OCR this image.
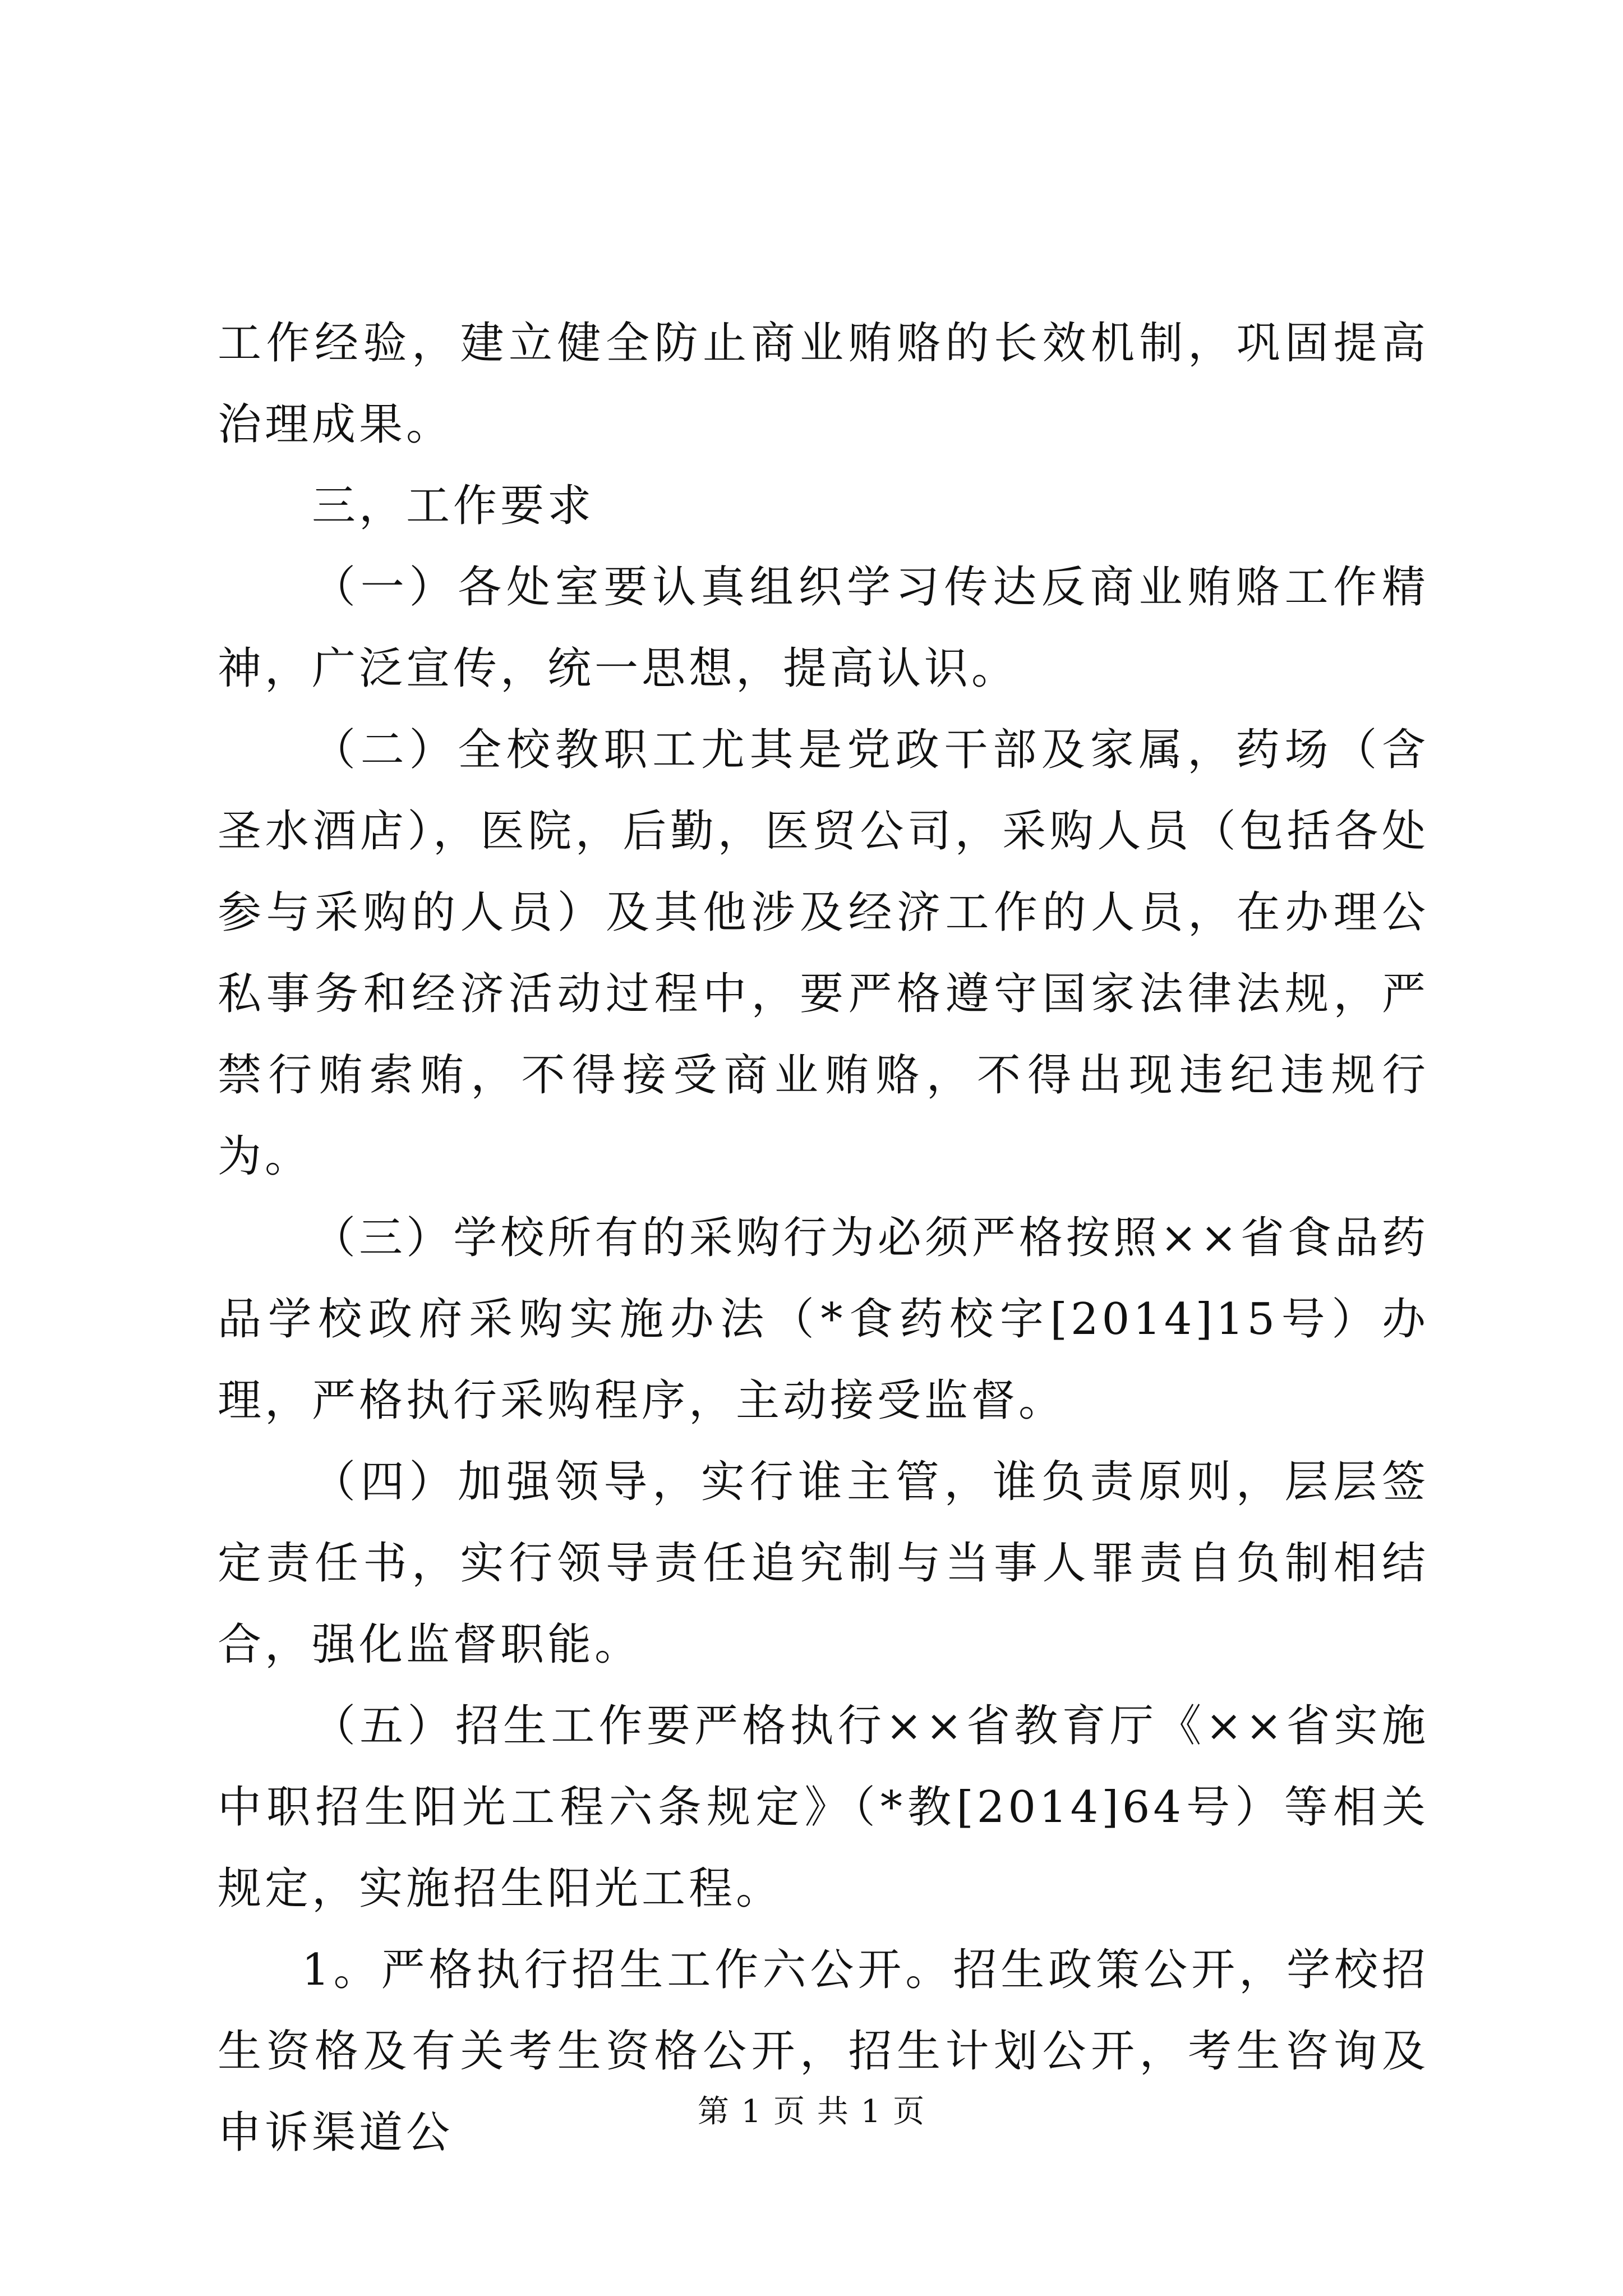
工作经验，建立健全防止商业贿赂的长效机制，巩固提高治理成果。

三，工作要求

（一）各处室要认真组织学习传达反商业贿赂工作精神，广泛宣传，统一思想，提高认识。

（二）全校教职工尤其是党政干部及家属，药场（含圣水酒店），医院，后勤，医贸公司，采购人员（包括各处参与采购的人员）及其他涉及经济工作的人员，在办理公私事务和经济活动过程中，要严格遵守国家法律法规，严禁行贿索贿，不得接受商业贿赂，不得出现违纪违规行为。

（三）学校所有的采购行为必须严格按照××省食品药品学校政府采购实施办法（*食药校字[2014]15号）办理，严格执行采购程序，主动接受监督。

（四）加强领导，实行谁主管，谁负责原则，层层签定责任书，实行领导责任追究制与当事人罪责自负制相结合，强化监督职能。

（五）招生工作要严格执行××省教育厅《××省实施中职招生阳光工程六条规定》（*教[2014]64号）等相关规定，实施招生阳光工程。

1。严格执行招生工作六公开。招生政策公开，学校招生资格及有关考生资格公开，招生计划公开，考生咨询及申诉渠道公	第 1 页 共 1 页
